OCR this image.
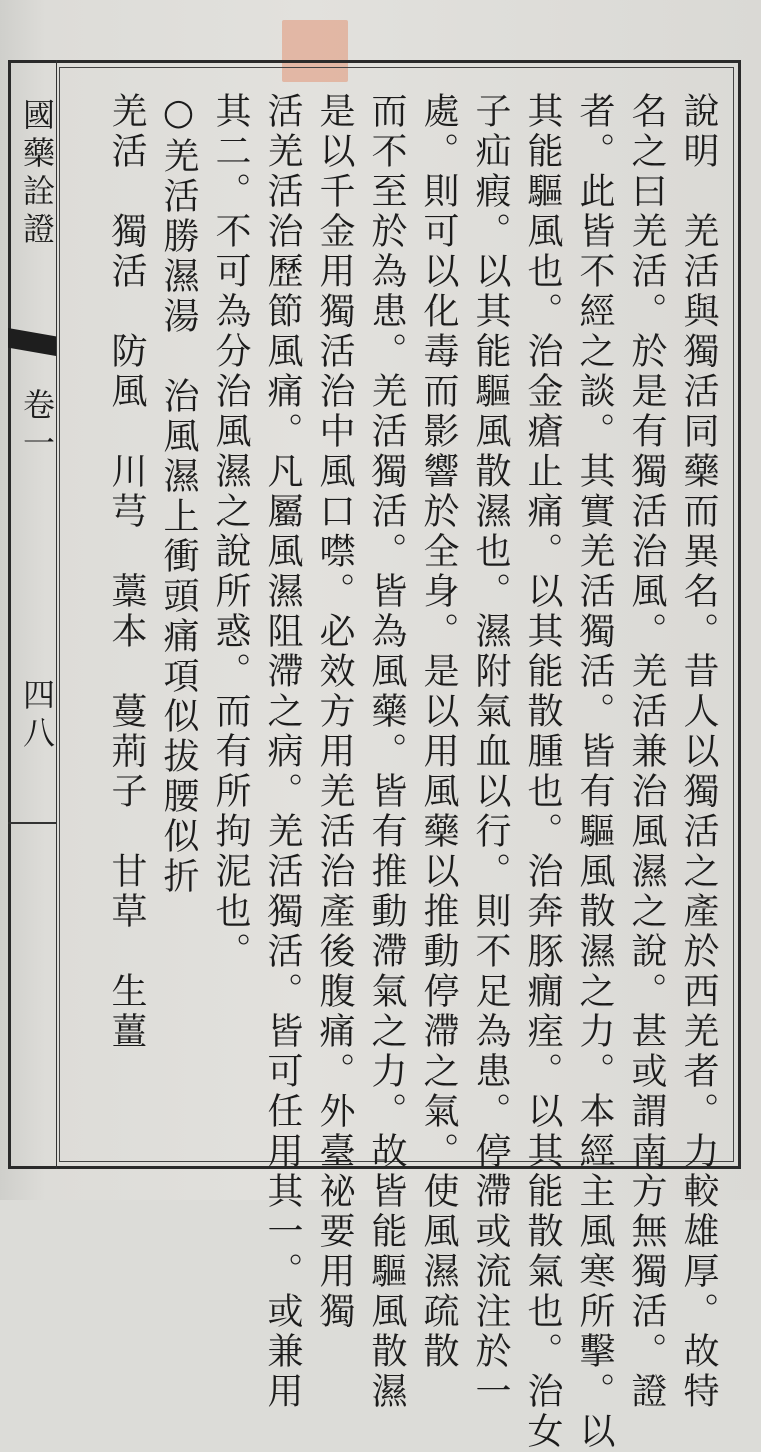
國藥詮證
卷一
四八	說明　羌活與獨活同藥而異名。昔人以獨活之產於西羌者。力較雄厚。故特
名之曰羌活。於是有獨活治風。羌活兼治風濕之說。甚或謂南方無獨活。證
者。此皆不經之談。其實羌活獨活。皆有驅風散濕之力。本經主風寒所擊。以
其能驅風也。治金瘡止痛。以其能散腫也。治奔豚癇痓。以其能散氣也。治女
子疝瘕。以其能驅風散濕也。濕附氣血以行。則不足為患。停滯或流注於一
處。則可以化毒而影響於全身。是以用風藥以推動停滯之氣。使風濕疏散
而不至於為患。羌活獨活。皆為風藥。皆有推動滯氣之力。故皆能驅風散濕
是以千金用獨活治中風口噤。必效方用羌活治產後腹痛。外臺祕要用獨
活羌活治歷節風痛。凡屬風濕阻滯之病。羌活獨活。皆可任用其一。或兼用
其二。不可為分治風濕之說所惑。而有所拘泥也。
○羌活勝濕湯　治風濕上衝頭痛項似拔腰似折
羌活　獨活　防風　川芎　藁本　蔓荊子　甘草　生薑
